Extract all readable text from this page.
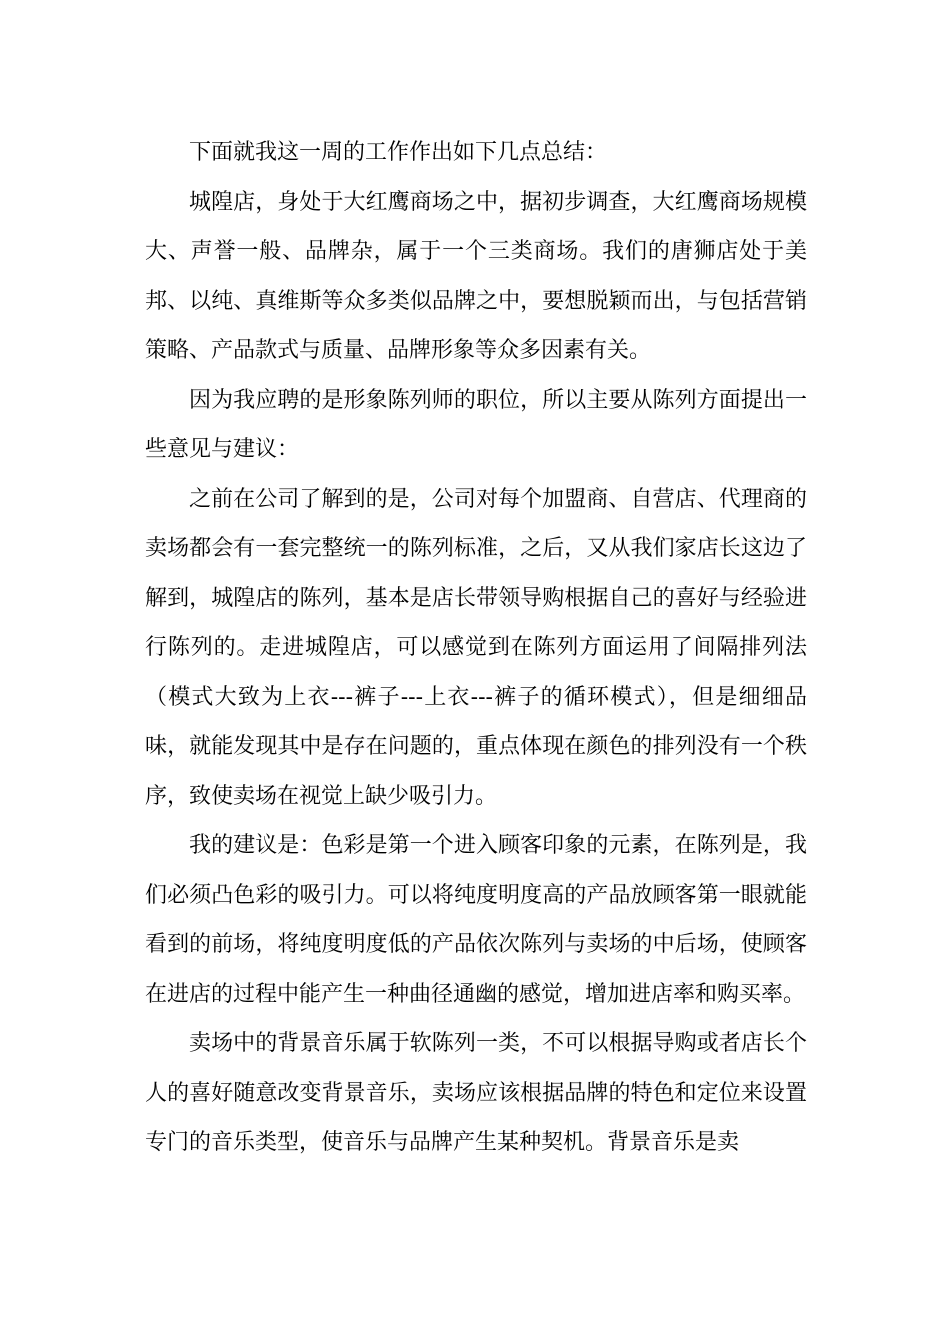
下面就我这一周的工作作出如下几点总结：

城隍店，身处于大红鹰商场之中，据初步调查，大红鹰商场规模大、声誉一般、品牌杂，属于一个三类商场。我们的唐狮店处于美邦、以纯、真维斯等众多类似品牌之中，要想脱颖而出，与包括营销策略、产品款式与质量、品牌形象等众多因素有关。

因为我应聘的是形象陈列师的职位，所以主要从陈列方面提出一些意见与建议：

之前在公司了解到的是，公司对每个加盟商、自营店、代理商的卖场都会有一套完整统一的陈列标准，之后，又从我们家店长这边了解到，城隍店的陈列，基本是店长带领导购根据自己的喜好与经验进行陈列的。走进城隍店，可以感觉到在陈列方面运用了间隔排列法（模式大致为上衣---裤子---上衣---裤子的循环模式），但是细细品味，就能发现其中是存在问题的，重点体现在颜色的排列没有一个秩序，致使卖场在视觉上缺少吸引力。

我的建议是：色彩是第一个进入顾客印象的元素，在陈列是，我们必须凸色彩的吸引力。可以将纯度明度高的产品放顾客第一眼就能看到的前场，将纯度明度低的产品依次陈列与卖场的中后场，使顾客在进店的过程中能产生一种曲径通幽的感觉，增加进店率和购买率。

卖场中的背景音乐属于软陈列一类，不可以根据导购或者店长个人的喜好随意改变背景音乐，卖场应该根据品牌的特色和定位来设置专门的音乐类型，使音乐与品牌产生某种契机。背景音乐是卖
